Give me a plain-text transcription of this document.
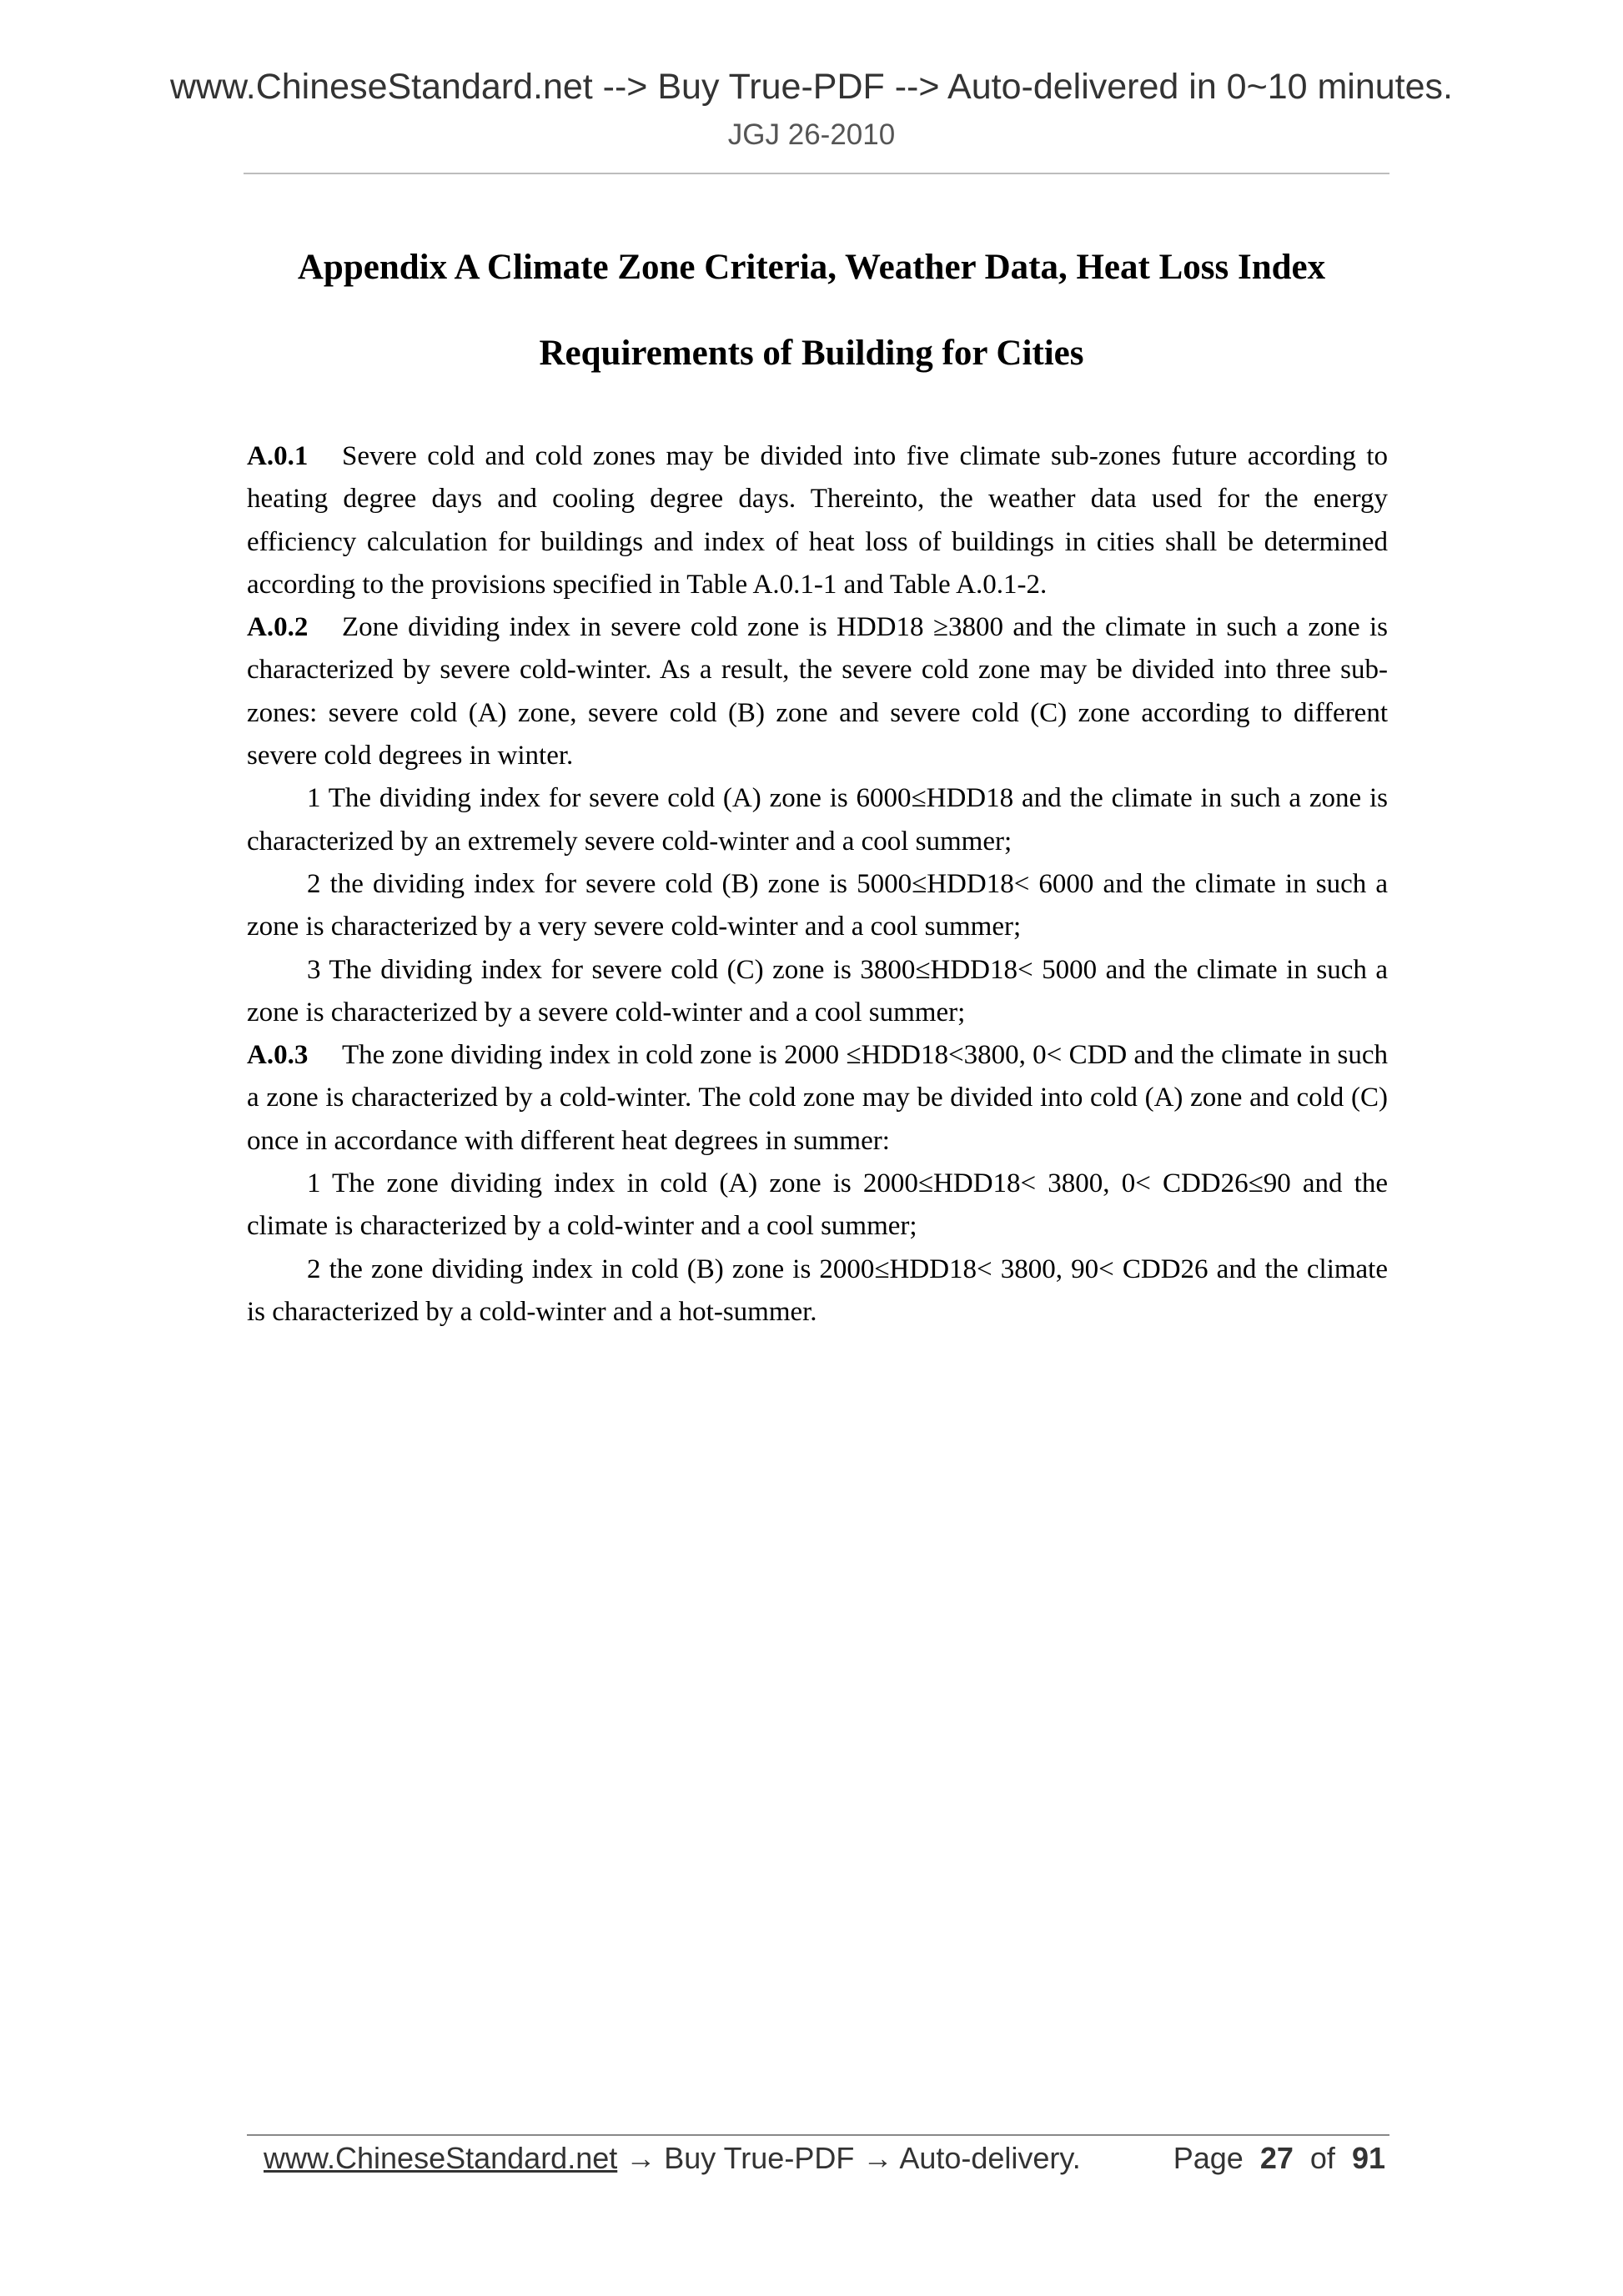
www.ChineseStandard.net --> Buy True-PDF --> Auto-delivered in 0~10 minutes.
JGJ 26-2010
Appendix A Climate Zone Criteria, Weather Data, Heat Loss Index
Requirements of Building for Cities

A.0.1 Severe cold and cold zones may be divided into five climate sub-zones future according to heating degree days and cooling degree days. Thereinto, the weather data used for the energy efficiency calculation for buildings and index of heat loss of buildings in cities shall be determined according to the provisions specified in Table A.0.1-1 and Table A.0.1-2.

A.0.2 Zone dividing index in severe cold zone is HDD18 ≥3800 and the climate in such a zone is characterized by severe cold-winter. As a result, the severe cold zone may be divided into three sub-zones: severe cold (A) zone, severe cold (B) zone and severe cold (C) zone according to different severe cold degrees in winter.

1 The dividing index for severe cold (A) zone is 6000≤HDD18 and the climate in such a zone is characterized by an extremely severe cold-winter and a cool summer;

2 the dividing index for severe cold (B) zone is 5000≤HDD18< 6000 and the climate in such a zone is characterized by a very severe cold-winter and a cool summer;

3 The dividing index for severe cold (C) zone is 3800≤HDD18< 5000 and the climate in such a zone is characterized by a severe cold-winter and a cool summer;

A.0.3 The zone dividing index in cold zone is 2000 ≤HDD18<3800, 0< CDD and the climate in such a zone is characterized by a cold-winter. The cold zone may be divided into cold (A) zone and cold (C) once in accordance with different heat degrees in summer:

1 The zone dividing index in cold (A) zone is 2000≤HDD18< 3800, 0< CDD26≤90 and the climate is characterized by a cold-winter and a cool summer;

2 the zone dividing index in cold (B) zone is 2000≤HDD18< 3800, 90< CDD26 and the climate is characterized by a cold-winter and a hot-summer.

www.ChineseStandard.net → Buy True-PDF → Auto-delivery.	Page 27 of 91
